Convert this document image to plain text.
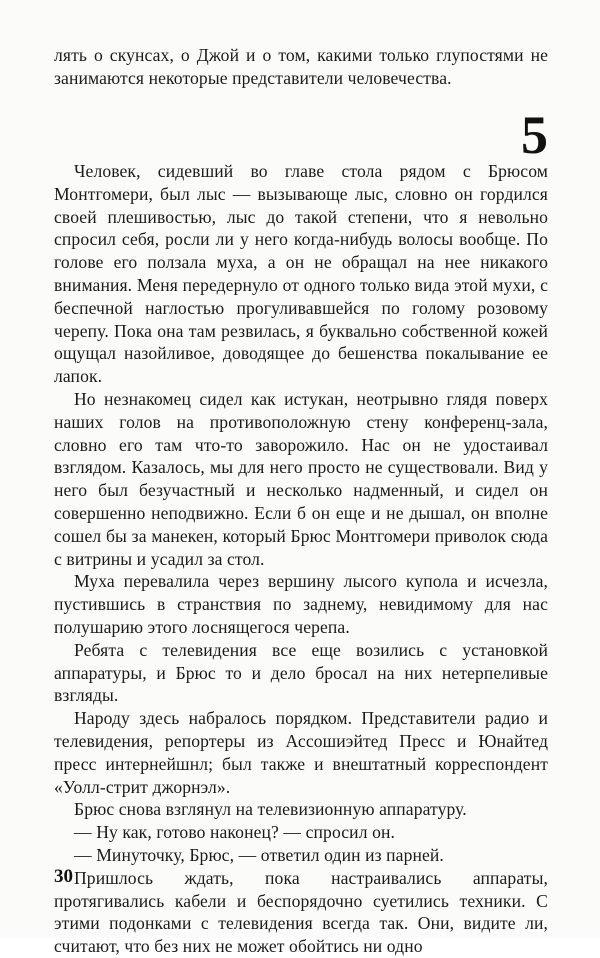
лять о скунсах, о Джой и о том, какими только глупостями не занимаются некоторые представители человечества.

5

Человек, сидевший во главе стола рядом с Брюсом Монтгомери, был лыс — вызывающе лыс, словно он гордился своей плешивостью, лыс до такой степени, что я невольно спросил себя, росли ли у него когда-нибудь волосы вообще. По голове его ползала муха, а он не обращал на нее никакого внимания. Меня передернуло от одного только вида этой мухи, с беспечной наглостью прогуливавшейся по голому розовому черепу. Пока она там резвилась, я буквально собственной кожей ощущал назойливое, доводящее до бешенства покалывание ее лапок.

Но незнакомец сидел как истукан, неотрывно глядя поверх наших голов на противоположную стену конференц-зала, словно его там что-то заворожило. Нас он не удостаивал взглядом. Казалось, мы для него просто не существовали. Вид у него был безучастный и несколько надменный, и сидел он совершенно неподвижно. Если б он еще и не дышал, он вполне сошел бы за манекен, который Брюс Монтгомери приволок сюда с витрины и усадил за стол.

Муха перевалила через вершину лысого купола и исчезла, пустившись в странствия по заднему, невидимому для нас полушарию этого лоснящегося черепа.

Ребята с телевидения все еще возились с установкой аппаратуры, и Брюс то и дело бросал на них нетерпеливые взгляды.

Народу здесь набралось порядком. Представители радио и телевидения, репортеры из Ассошиэйтед Пресс и Юнайтед пресс интернейшнл; был также и внештатный корреспондент «Уолл-стрит джорнэл».

Брюс снова взглянул на телевизионную аппаратуру.

— Ну как, готово наконец? — спросил он.

— Минуточку, Брюс, — ответил один из парней.

Пришлось ждать, пока настраивались аппараты, протягивались кабели и беспорядочно суетились техники. С этими подонками с телевидения всегда так. Они, видите ли, считают, что без них не может обойтись ни одно

30
